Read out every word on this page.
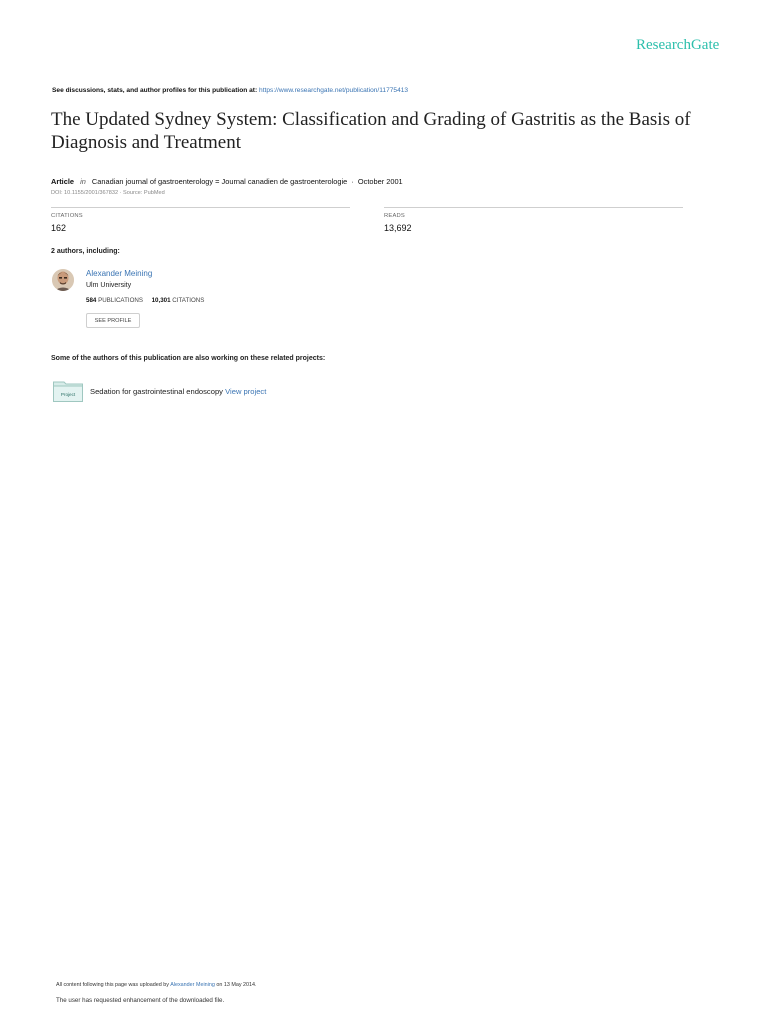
ResearchGate
See discussions, stats, and author profiles for this publication at: https://www.researchgate.net/publication/11775413
The Updated Sydney System: Classification and Grading of Gastritis as the Basis of Diagnosis and Treatment
Article in Canadian journal of gastroenterology = Journal canadien de gastroenterologie · October 2001
DOI: 10.1155/2001/367832 · Source: PubMed
CITATIONS
162
READS
13,692
2 authors, including:
Alexander Meining
Ulm University
584 PUBLICATIONS 10,301 CITATIONS
SEE PROFILE
Some of the authors of this publication are also working on these related projects:
Project Sedation for gastrointestinal endoscopy View project
All content following this page was uploaded by Alexander Meining on 13 May 2014.
The user has requested enhancement of the downloaded file.
